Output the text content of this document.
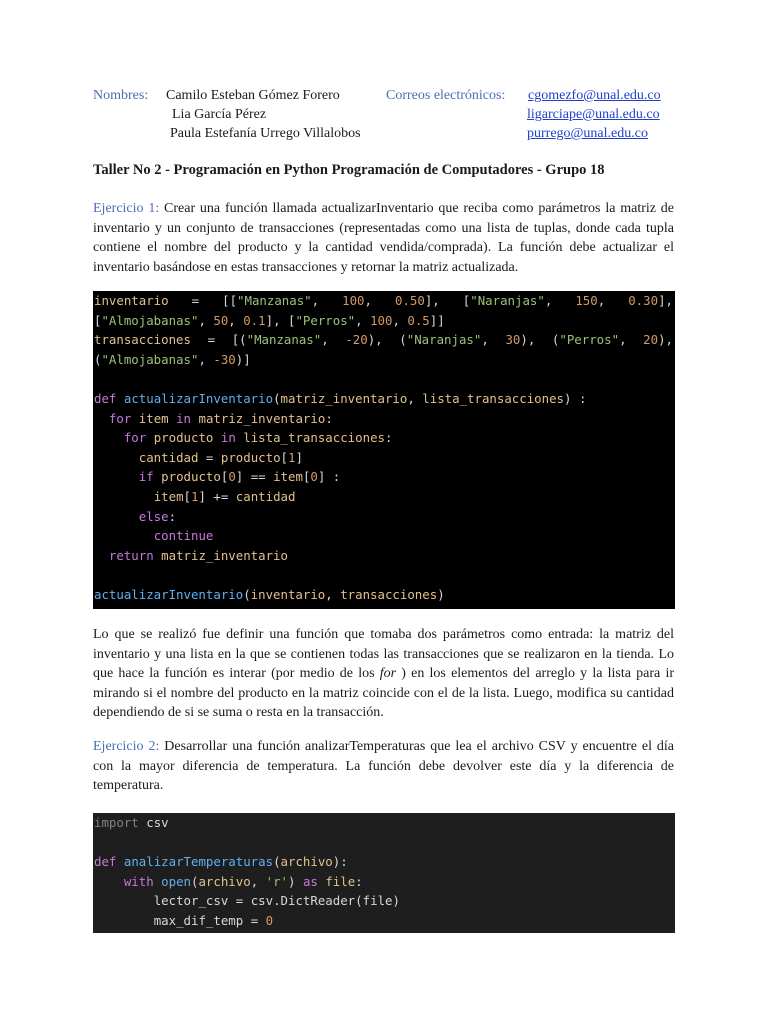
Nombres: Camilo Esteban Gómez Forero
Lia García Pérez
Paula Estefanía Urrego Villalobos
Correos electrónicos: cgomezfo@unal.edu.co
ligarciape@unal.edu.co
purrego@unal.edu.co
Taller No 2 - Programación en Python Programación de Computadores - Grupo 18

Ejercicio 1: Crear una función llamada actualizarInventario que reciba como parámetros la matriz de inventario y un conjunto de transacciones (representadas como una lista de tuplas, donde cada tupla contiene el nombre del producto y la cantidad vendida/comprada). La función debe actualizar el inventario basándose en estas transacciones y retornar la matriz actualizada.

inventario = [["Manzanas", 100, 0.50], ["Naranjas", 150, 0.30],
["Almojabanas", 50, 0.1], ["Perros", 100, 0.5]]
transacciones = [("Manzanas", -20), ("Naranjas", 30), ("Perros", 20),
("Almojabanas", -30)]

def actualizarInventario(matriz_inventario, lista_transacciones) :
for item in matriz_inventario:
for producto in lista_transacciones:
cantidad = producto[1]
if producto[0] == item[0] :
item[1] += cantidad
else:
continue
return matriz_inventario

actualizarInventario(inventario, transacciones)

Lo que se realizó fue definir una función que tomaba dos parámetros como entrada: la matriz del inventario y una lista en la que se contienen todas las transacciones que se realizaron en la tienda. Lo que hace la función es interar (por medio de los for ) en los elementos del arreglo y la lista para ir mirando si el nombre del producto en la matriz coincide con el de la lista. Luego, modifica su cantidad dependiendo de si se suma o resta en la transacción.

Ejercicio 2: Desarrollar una función analizarTemperaturas que lea el archivo CSV y encuentre el día con la mayor diferencia de temperatura. La función debe devolver este día y la diferencia de temperatura.

import csv

def analizarTemperaturas(archivo):
with open(archivo, 'r') as file:
lector_csv = csv.DictReader(file)
max_dif_temp = 0
